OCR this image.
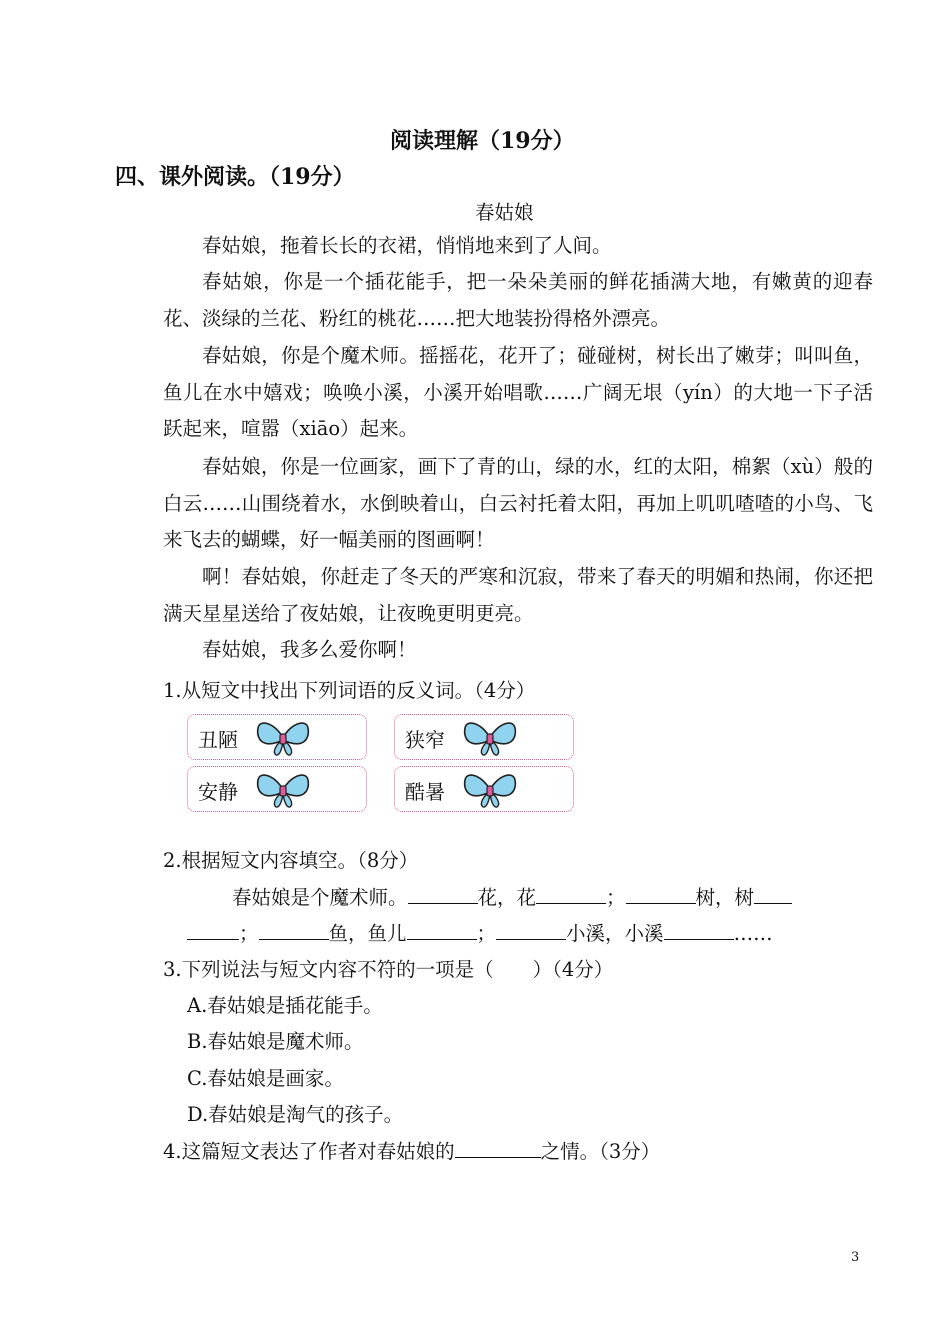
阅读理解（19分）
四、课外阅读。（19分）
春姑娘
春姑娘，拖着长长的衣裙，悄悄地来到了人间。
春姑娘，你是一个插花能手，把一朵朵美丽的鲜花插满大地，有嫩黄的迎春花、淡绿的兰花、粉红的桃花……把大地装扮得格外漂亮。
春姑娘，你是个魔术师。摇摇花，花开了；碰碰树，树长出了嫩芽；叫叫鱼，鱼儿在水中嬉戏；唤唤小溪，小溪开始唱歌……广阔无垠（yín）的大地一下子活跃起来，喧嚣（xiāo）起来。
春姑娘，你是一位画家，画下了青的山，绿的水，红的太阳，棉絮（xù）般的白云……山围绕着水，水倒映着山，白云衬托着太阳，再加上叽叽喳喳的小鸟、飞来飞去的蝴蝶，好一幅美丽的图画啊！
啊！春姑娘，你赶走了冬天的严寒和沉寂，带来了春天的明媚和热闹，你还把满天星星送给了夜姑娘，让夜晚更明更亮。
春姑娘，我多么爱你啊！
1.从短文中找出下列词语的反义词。（4分）
丑陋	狭窄
安静	酷暑
2.根据短文内容填空。（8分）
春姑娘是个魔术师。	花，花	；	树，树
；	鱼，鱼儿	；	小溪，小溪	……
3.下列说法与短文内容不符的一项是（　　）（4分）
A.春姑娘是插花能手。
B.春姑娘是魔术师。
C.春姑娘是画家。
D.春姑娘是淘气的孩子。
4.这篇短文表达了作者对春姑娘的	之情。（3分）
3
